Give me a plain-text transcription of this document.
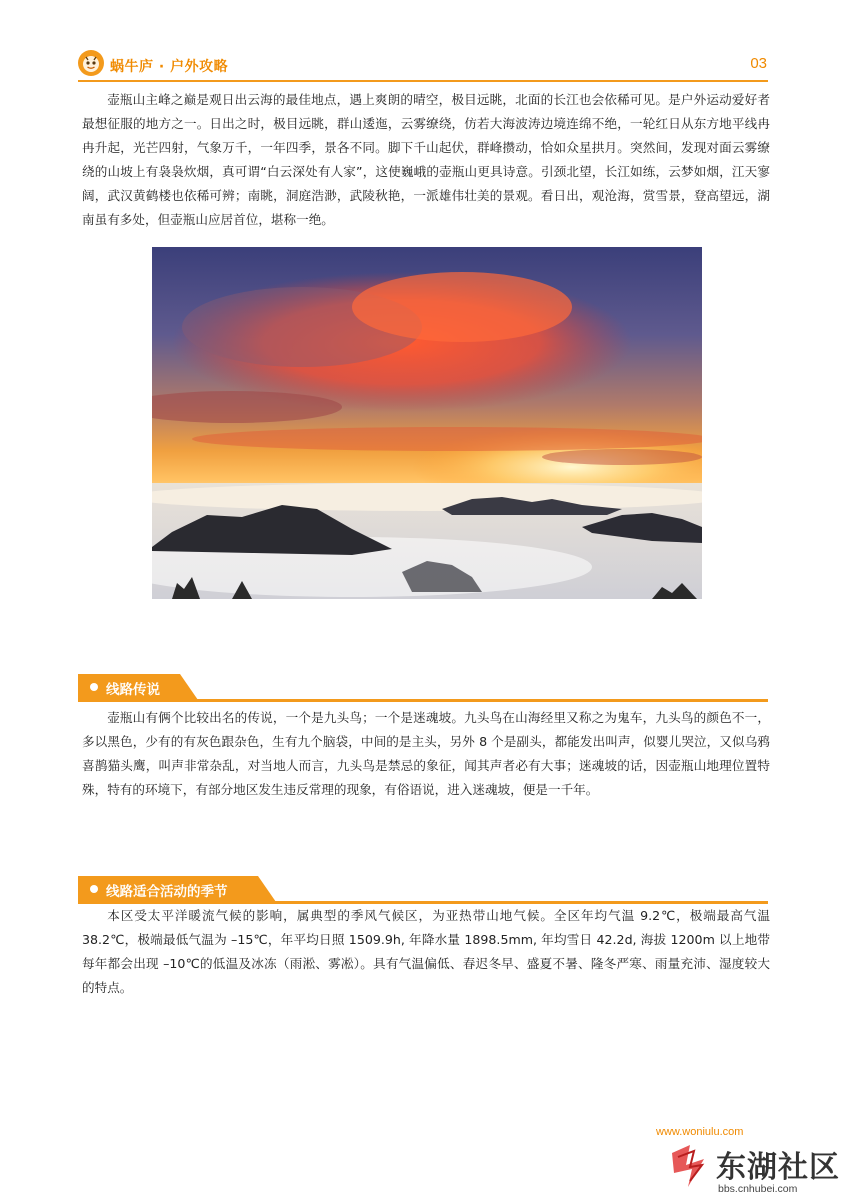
蜗牛庐 · 户外攻略	03

壶瓶山主峰之巅是观日出云海的最佳地点，遇上爽朗的晴空，极目远眺，北面的长江也会依稀可见。是户外运动爱好者最想征服的地方之一。日出之时，极目远眺，群山逶迤，云雾缭绕，仿若大海波涛边境连绵不绝，一轮红日从东方地平线冉冉升起，光芒四射，气象万千，一年四季，景各不同。脚下千山起伏，群峰攒动，恰如众星拱月。突然间，发现对面云雾缭绕的山坡上有袅袅炊烟，真可谓“白云深处有人家”，这使巍峨的壶瓶山更具诗意。引颈北望，长江如练，云梦如烟，江天寥阔，武汉黄鹤楼也依稀可辨；南眺，洞庭浩渺，武陵秋艳，一派雄伟壮美的景观。看日出，观沧海，赏雪景，登高望远，湖南虽有多处，但壶瓶山应居首位，堪称一绝。

线路传说

壶瓶山有俩个比较出名的传说，一个是九头鸟；一个是迷魂坡。九头鸟在山海经里又称之为鬼车，九头鸟的颜色不一，多以黑色，少有的有灰色跟杂色，生有九个脑袋，中间的是主头，另外 8 个是副头，都能发出叫声，似婴儿哭泣，又似乌鸦喜鹊猫头鹰，叫声非常杂乱，对当地人而言，九头鸟是禁忌的象征，闻其声者必有大事；迷魂坡的话，因壶瓶山地理位置特殊，特有的环境下，有部分地区发生违反常理的现象，有俗语说，进入迷魂坡，便是一千年。

线路适合活动的季节

本区受太平洋暖流气候的影响，属典型的季风气候区，为亚热带山地气候。全区年均气温 9.2℃，极端最高气温 38.2℃，极端最低气温为 –15℃，年平均日照 1509.9h, 年降水量 1898.5mm, 年均雪日 42.2d, 海拔 1200m 以上地带每年都会出现 –10℃的低温及冰冻（雨淞、雾凇）。具有气温偏低、春迟冬早、盛夏不暑、隆冬严寒、雨量充沛、湿度较大的特点。

www.woniulu.com
东湖社区
bbs.cnhubei.com
